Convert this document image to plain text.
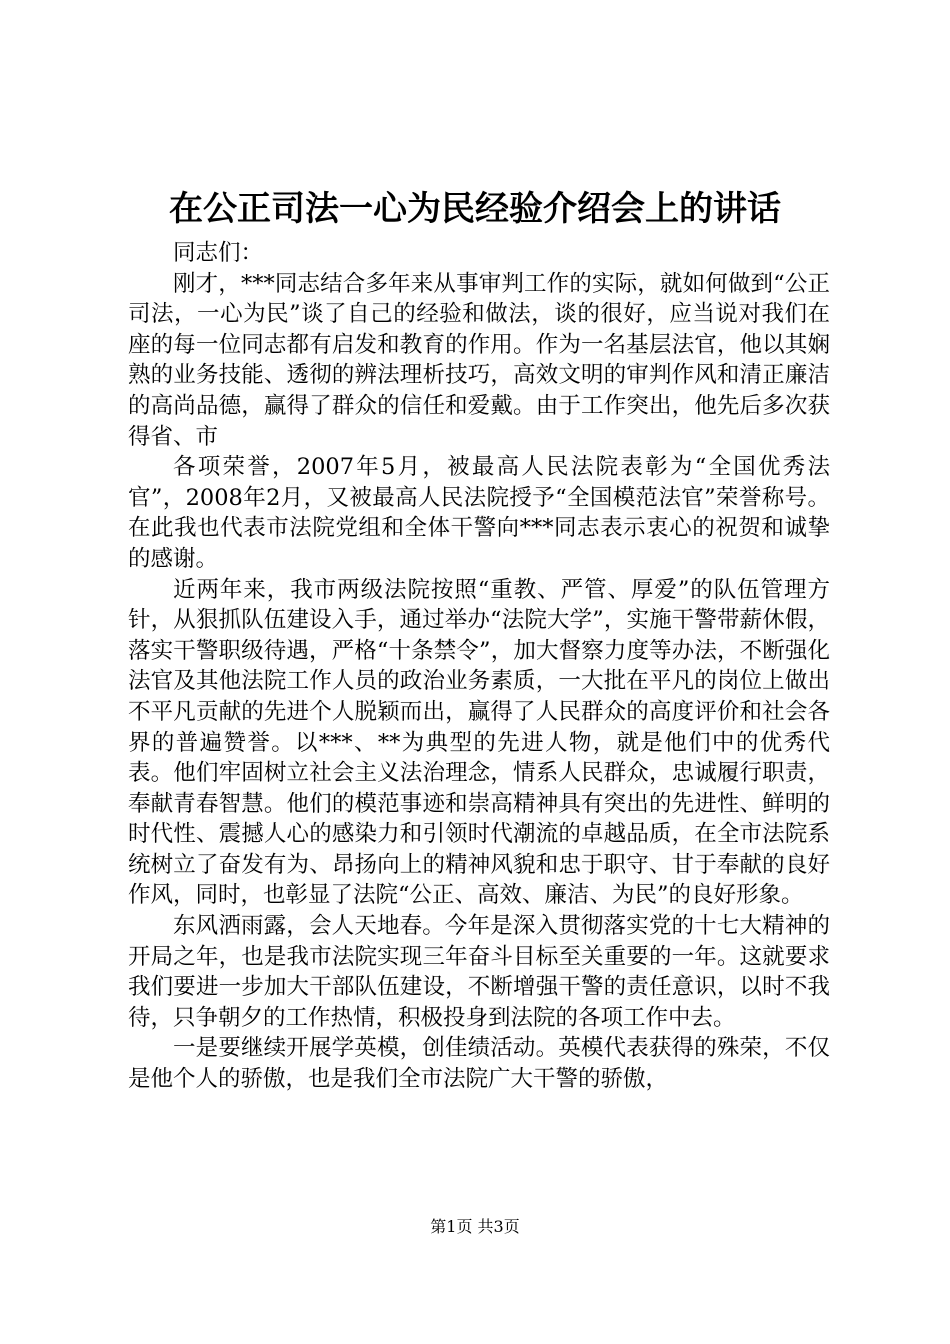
在公正司法一心为民经验介绍会上的讲话

同志们：

刚才，***同志结合多年来从事审判工作的实际，就如何做到“公正司法，一心为民”谈了自己的经验和做法，谈的很好，应当说对我们在座的每一位同志都有启发和教育的作用。作为一名基层法官，他以其娴熟的业务技能、透彻的辨法理析技巧，高效文明的审判作风和清正廉洁的高尚品德，赢得了群众的信任和爱戴。由于工作突出，他先后多次获得省、市

各项荣誉，2007年5月，被最高人民法院表彰为“全国优秀法官”，2008年2月，又被最高人民法院授予“全国模范法官”荣誉称号。在此我也代表市法院党组和全体干警向***同志表示衷心的祝贺和诚挚的感谢。

近两年来，我市两级法院按照“重教、严管、厚爱”的队伍管理方针，从狠抓队伍建设入手，通过举办“法院大学”，实施干警带薪休假，落实干警职级待遇，严格“十条禁令”，加大督察力度等办法，不断强化法官及其他法院工作人员的政治业务素质，一大批在平凡的岗位上做出不平凡贡献的先进个人脱颖而出，赢得了人民群众的高度评价和社会各界的普遍赞誉。以***、**为典型的先进人物，就是他们中的优秀代表。他们牢固树立社会主义法治理念，情系人民群众，忠诚履行职责，奉献青春智慧。他们的模范事迹和崇高精神具有突出的先进性、鲜明的时代性、震撼人心的感染力和引领时代潮流的卓越品质，在全市法院系统树立了奋发有为、昂扬向上的精神风貌和忠于职守、甘于奉献的良好作风，同时，也彰显了法院“公正、高效、廉洁、为民”的良好形象。

东风洒雨露，会人天地春。今年是深入贯彻落实党的十七大精神的开局之年，也是我市法院实现三年奋斗目标至关重要的一年。这就要求我们要进一步加大干部队伍建设，不断增强干警的责任意识，以时不我待，只争朝夕的工作热情，积极投身到法院的各项工作中去。

一是要继续开展学英模，创佳绩活动。英模代表获得的殊荣，不仅是他个人的骄傲，也是我们全市法院广大干警的骄傲，

第1页 共3页
